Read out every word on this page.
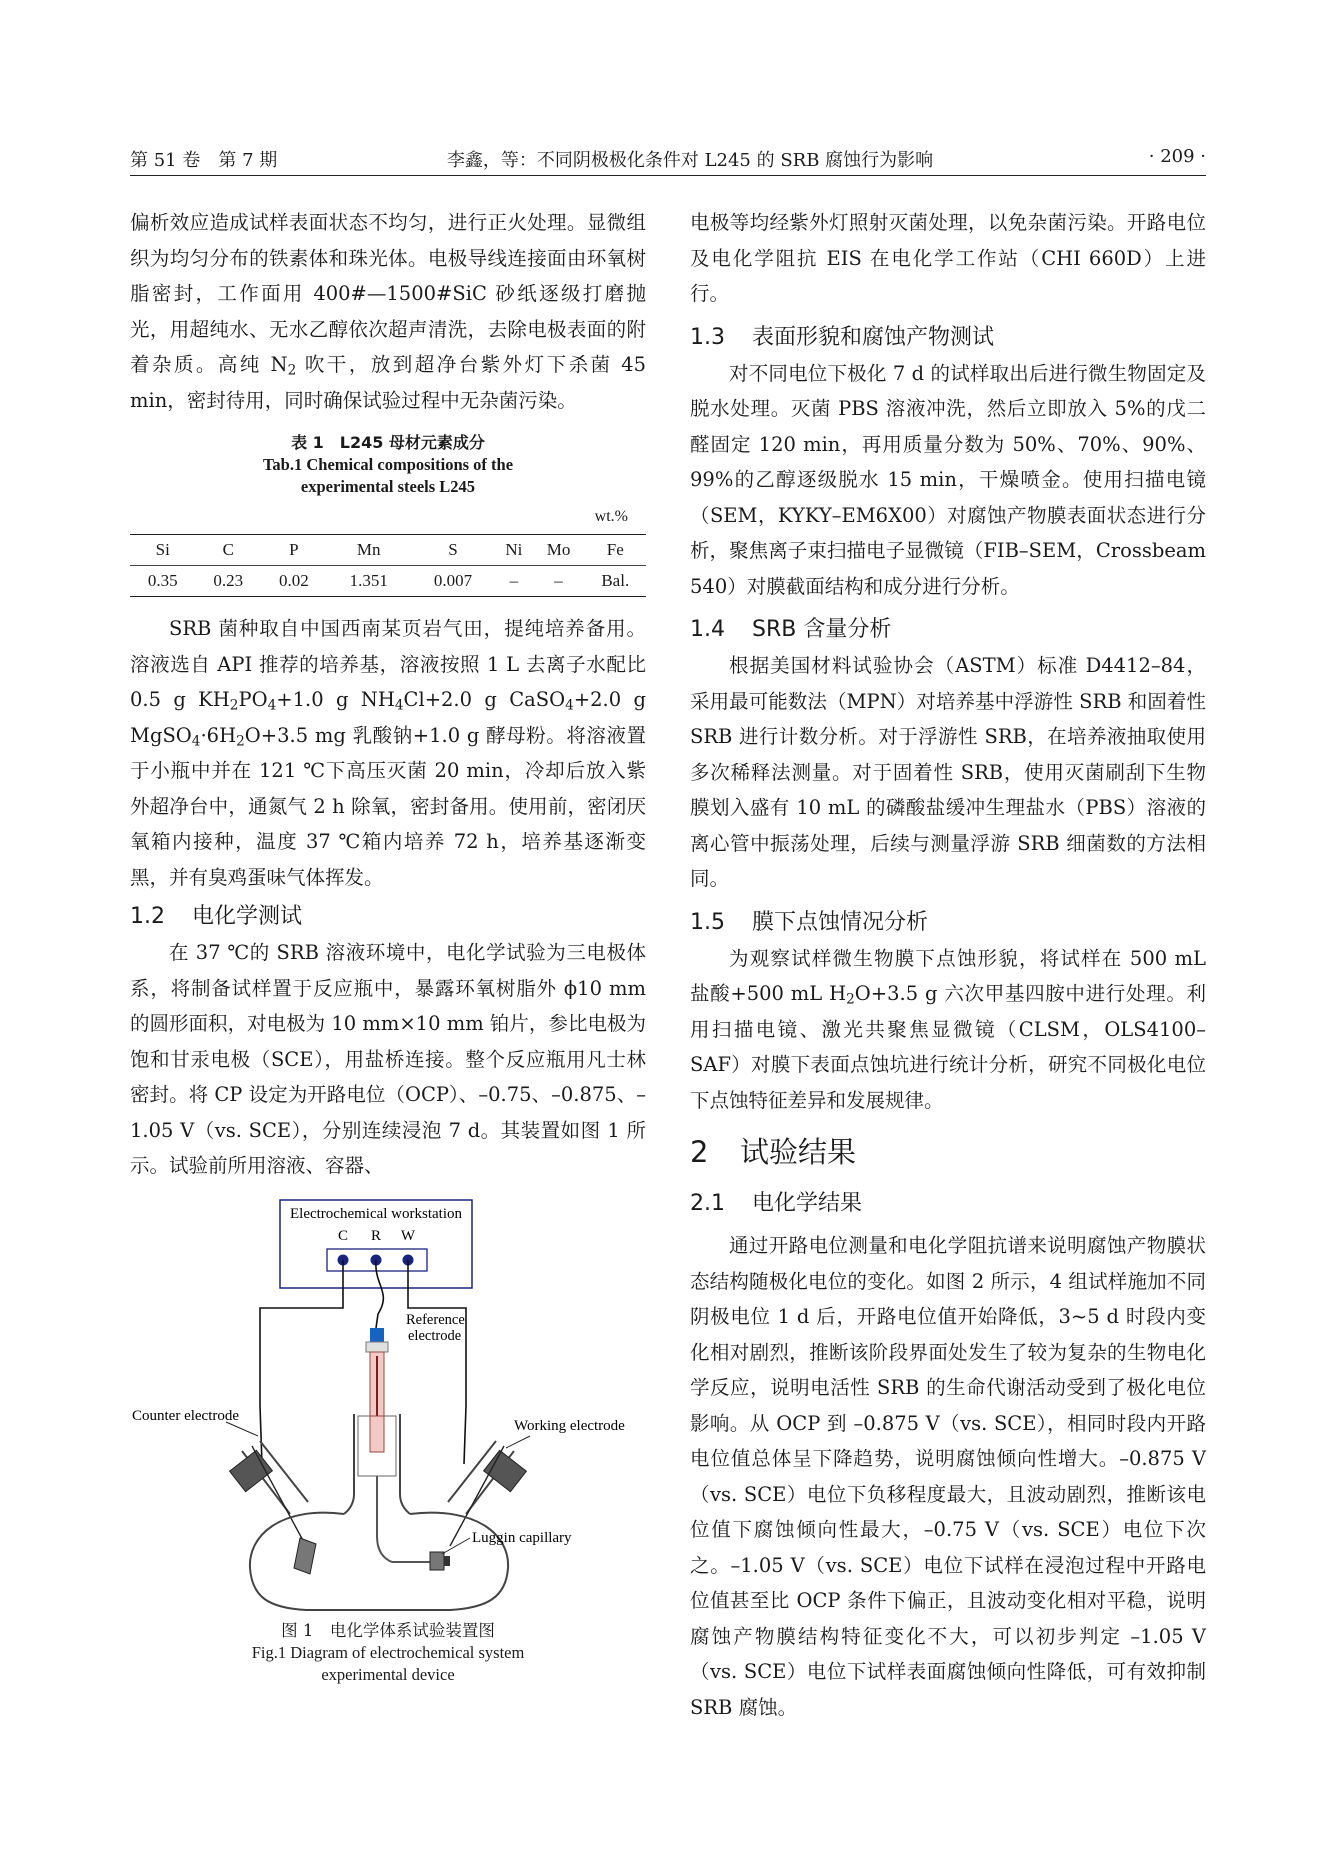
第 51 卷　第 7 期	李鑫，等：不同阴极极化条件对 L245 的 SRB 腐蚀行为影响	· 209 ·

偏析效应造成试样表面状态不均匀，进行正火处理。显微组织为均匀分布的铁素体和珠光体。电极导线连接面由环氧树脂密封，工作面用 400#—1500#SiC 砂纸逐级打磨抛光，用超纯水、无水乙醇依次超声清洗，去除电极表面的附着杂质。高纯 $N_2$ 吹干，放到超净台紫外灯下杀菌 45 min，密封待用，同时确保试验过程中无杂菌污染。

表 1　L245 母材元素成分
Tab.1 Chemical compositions of the
experimental steels L245
wt.%
Si	C	P	Mn	S	Ni	Mo	Fe
0.35	0.23	0.02	1.351	0.007	–	–	Bal.

SRB 菌种取自中国西南某页岩气田，提纯培养备用。溶液选自 API 推荐的培养基，溶液按照 1 L 去离子水配比 0.5 g $KH_2PO_4+1.0$ g $NH_4Cl+2.0$ g CaSO$_4$+2.0 g $MgSO_4\cdot 6H_2O+3.5$ mg 乳酸钠+1.0 g 酵母粉。将溶液置于小瓶中并在 121 ℃下高压灭菌 20 min，冷却后放入紫外超净台中，通氮气 2 h 除氧，密封备用。使用前，密闭厌氧箱内接种，温度 37 ℃箱内培养 72 h，培养基逐渐变黑，并有臭鸡蛋味气体挥发。

1.2 电化学测试

在 37 ℃的 SRB 溶液环境中，电化学试验为三电极体系，将制备试样置于反应瓶中，暴露环氧树脂外 ϕ10 mm 的圆形面积，对电极为 10 mm×10 mm 铂片，参比电极为饱和甘汞电极（SCE），用盐桥连接。整个反应瓶用凡士林密封。将 CP 设定为开路电位（OCP）、–0.75、–0.875、–1.05 V（vs. SCE），分别连续浸泡 7 d。其装置如图 1 所示。试验前所用溶液、容器、

Electrochemical workstation
C R W
Reference
electrode
Counter electrode
Working electrode
Luggin capillary
图 1　电化学体系试验装置图
Fig.1 Diagram of electrochemical system
experimental device

电极等均经紫外灯照射灭菌处理，以免杂菌污染。开路电位及电化学阻抗 EIS 在电化学工作站（CHI 660D）上进行。

1.3 表面形貌和腐蚀产物测试

对不同电位下极化 7 d 的试样取出后进行微生物固定及脱水处理。灭菌 PBS 溶液冲洗，然后立即放入 5%的戊二醛固定 120 min，再用质量分数为 50%、70%、90%、99%的乙醇逐级脱水 15 min，干燥喷金。使用扫描电镜（SEM，KYKY–EM6X00）对腐蚀产物膜表面状态进行分析，聚焦离子束扫描电子显微镜（FIB–SEM，Crossbeam 540）对膜截面结构和成分进行分析。

1.4 SRB 含量分析

根据美国材料试验协会（ASTM）标准 D4412–84，采用最可能数法（MPN）对培养基中浮游性 SRB 和固着性 SRB 进行计数分析。对于浮游性 SRB，在培养液抽取使用多次稀释法测量。对于固着性 SRB，使用灭菌刷刮下生物膜划入盛有 10 mL 的磷酸盐缓冲生理盐水（PBS）溶液的离心管中振荡处理，后续与测量浮游 SRB 细菌数的方法相同。

1.5 膜下点蚀情况分析

为观察试样微生物膜下点蚀形貌，将试样在 500 mL 盐酸+500 mL $H_2O+3.5$ g 六次甲基四胺中进行处理。利用扫描电镜、激光共聚焦显微镜（CLSM，OLS4100–SAF）对膜下表面点蚀坑进行统计分析，研究不同极化电位下点蚀特征差异和发展规律。

2 试验结果
2.1 电化学结果

通过开路电位测量和电化学阻抗谱来说明腐蚀产物膜状态结构随极化电位的变化。如图 2 所示，4 组试样施加不同阴极电位 1 d 后，开路电位值开始降低，3~5 d 时段内变化相对剧烈，推断该阶段界面处发生了较为复杂的生物电化学反应，说明电活性 SRB 的生命代谢活动受到了极化电位影响。从 OCP 到 –0.875 V（vs. SCE），相同时段内开路电位值总体呈下降趋势，说明腐蚀倾向性增大。–0.875 V（vs. SCE）电位下负移程度最大，且波动剧烈，推断该电位值下腐蚀倾向性最大，–0.75 V（vs. SCE）电位下次之。–1.05 V（vs. SCE）电位下试样在浸泡过程中开路电位值甚至比 OCP 条件下偏正，且波动变化相对平稳，说明腐蚀产物膜结构特征变化不大，可以初步判定 –1.05 V（vs. SCE）电位下试样表面腐蚀倾向性降低，可有效抑制 SRB 腐蚀。
